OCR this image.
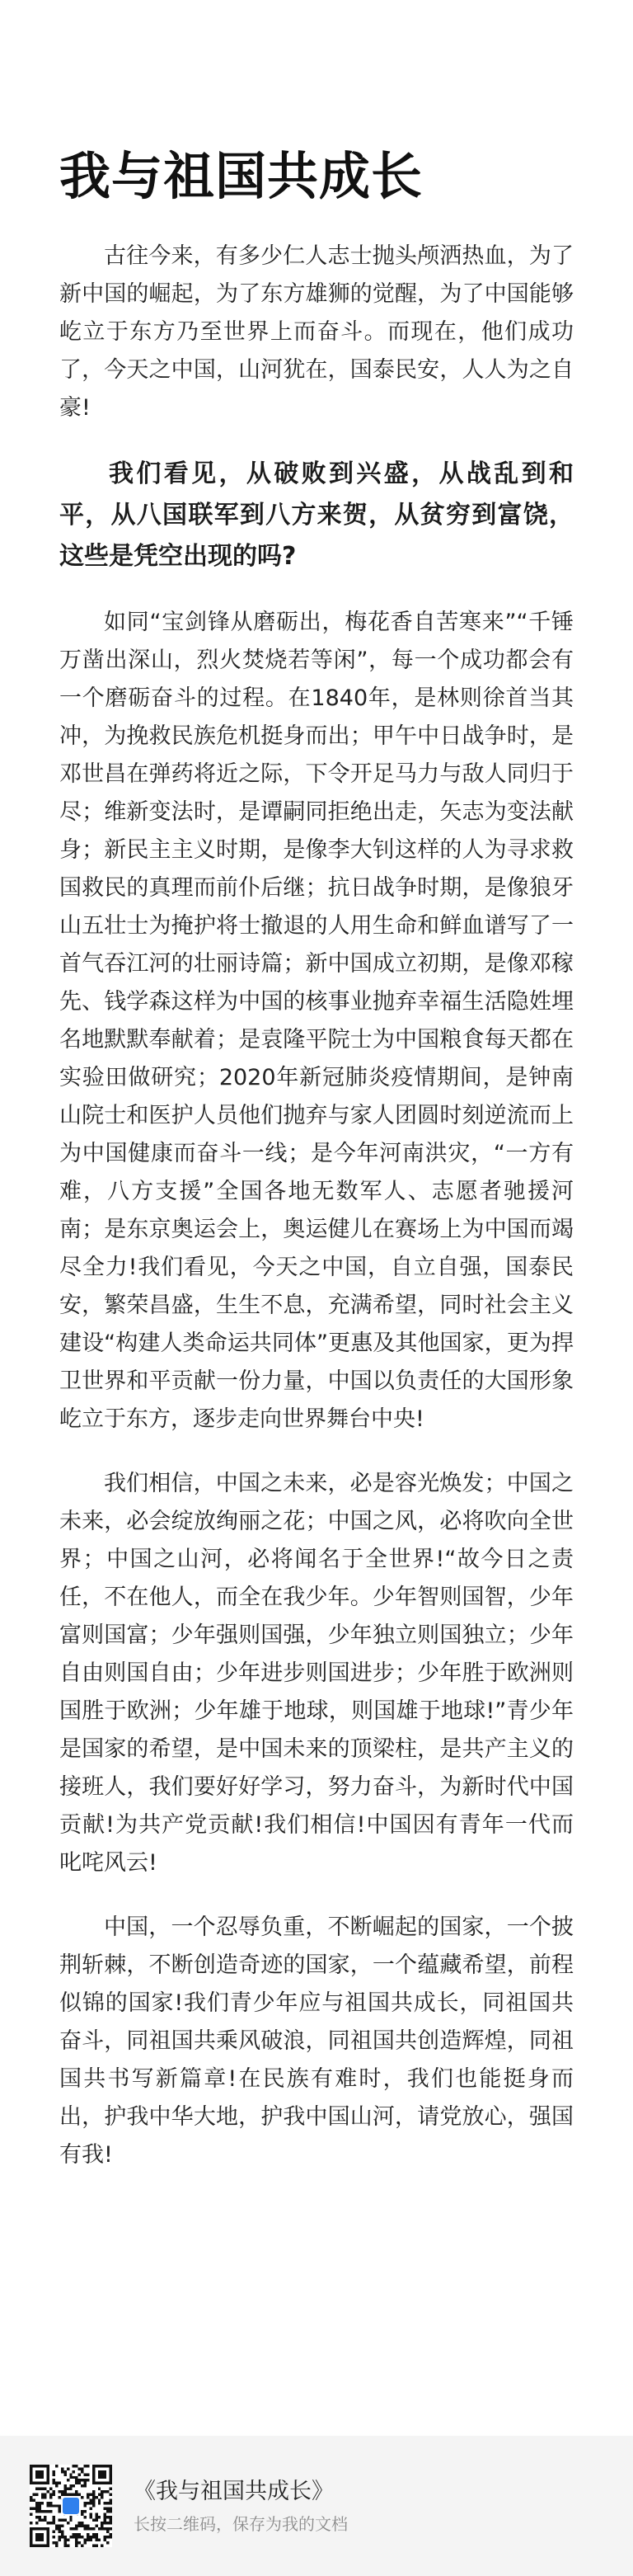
我与祖国共成长

古往今来，有多少仁人志士抛头颅洒热血，为了新中国的崛起，为了东方雄狮的觉醒，为了中国能够屹立于东方乃至世界上而奋斗。而现在，他们成功了，今天之中国，山河犹在，国泰民安，人人为之自豪!

我们看见，从破败到兴盛，从战乱到和平，从八国联军到八方来贺，从贫穷到富饶，这些是凭空出现的吗?

如同“宝剑锋从磨砺出，梅花香自苦寒来”“千锤万凿出深山，烈火焚烧若等闲”，每一个成功都会有一个磨砺奋斗的过程。在1840年，是林则徐首当其冲，为挽救民族危机挺身而出；甲午中日战争时，是邓世昌在弹药将近之际，下令开足马力与敌人同归于尽；维新变法时，是谭嗣同拒绝出走，矢志为变法献身；新民主主义时期，是像李大钊这样的人为寻求救国救民的真理而前仆后继；抗日战争时期，是像狼牙山五壮士为掩护将士撤退的人用生命和鲜血谱写了一首气吞江河的壮丽诗篇；新中国成立初期，是像邓稼先、钱学森这样为中国的核事业抛弃幸福生活隐姓埋名地默默奉献着；是袁隆平院士为中国粮食每天都在实验田做研究；2020年新冠肺炎疫情期间，是钟南山院士和医护人员他们抛弃与家人团圆时刻逆流而上为中国健康而奋斗一线；是今年河南洪灾，“一方有难，八方支援”全国各地无数军人、志愿者驰援河南；是东京奥运会上，奥运健儿在赛场上为中国而竭尽全力!我们看见，今天之中国，自立自强，国泰民安，繁荣昌盛，生生不息，充满希望，同时社会主义建设“构建人类命运共同体”更惠及其他国家，更为捍卫世界和平贡献一份力量，中国以负责任的大国形象屹立于东方，逐步走向世界舞台中央!

我们相信，中国之未来，必是容光焕发；中国之未来，必会绽放绚丽之花；中国之风，必将吹向全世界；中国之山河，必将闻名于全世界!“故今日之责任，不在他人，而全在我少年。少年智则国智，少年富则国富；少年强则国强，少年独立则国独立；少年自由则国自由；少年进步则国进步；少年胜于欧洲则国胜于欧洲；少年雄于地球，则国雄于地球!”青少年是国家的希望，是中国未来的顶梁柱，是共产主义的接班人，我们要好好学习，努力奋斗，为新时代中国贡献!为共产党贡献!我们相信!中国因有青年一代而叱咤风云!

中国，一个忍辱负重，不断崛起的国家，一个披荆斩棘，不断创造奇迹的国家，一个蕴藏希望，前程似锦的国家!我们青少年应与祖国共成长，同祖国共奋斗，同祖国共乘风破浪，同祖国共创造辉煌，同祖国共书写新篇章!在民族有难时，我们也能挺身而出，护我中华大地，护我中国山河，请党放心，强国有我!

《我与祖国共成长》
长按二维码，保存为我的文档
